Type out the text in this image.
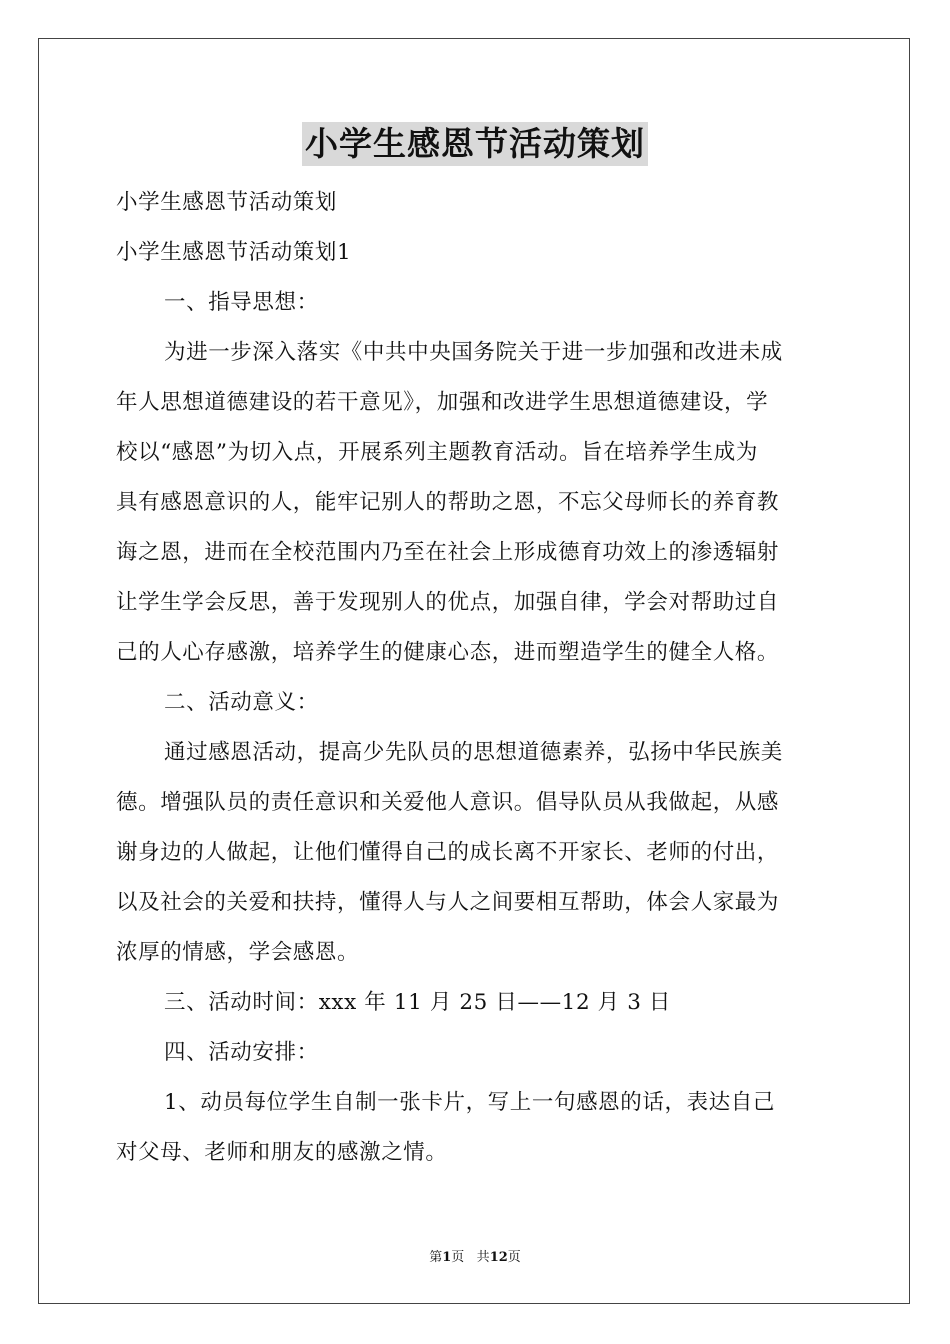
小学生感恩节活动策划
小学生感恩节活动策划
小学生感恩节活动策划1
一、指导思想：
为进一步深入落实《中共中央国务院关于进一步加强和改进未成
年人思想道德建设的若干意见》，加强和改进学生思想道德建设，学
校以“感恩”为切入点，开展系列主题教育活动。旨在培养学生成为
具有感恩意识的人，能牢记别人的帮助之恩，不忘父母师长的养育教
诲之恩，进而在全校范围内乃至在社会上形成德育功效上的渗透辐射
让学生学会反思，善于发现别人的优点，加强自律，学会对帮助过自
己的人心存感激，培养学生的健康心态，进而塑造学生的健全人格。
二、活动意义：
通过感恩活动，提高少先队员的思想道德素养，弘扬中华民族美
德。增强队员的责任意识和关爱他人意识。倡导队员从我做起，从感
谢身边的人做起，让他们懂得自己的成长离不开家长、老师的付出，
以及社会的关爱和扶持，懂得人与人之间要相互帮助，体会人家最为
浓厚的情感，学会感恩。
三、活动时间：xxx 年 11 月 25 日——12 月 3 日
四、活动安排：
1、动员每位学生自制一张卡片，写上一句感恩的话，表达自己
对父母、老师和朋友的感激之情。
第1页 共12页
